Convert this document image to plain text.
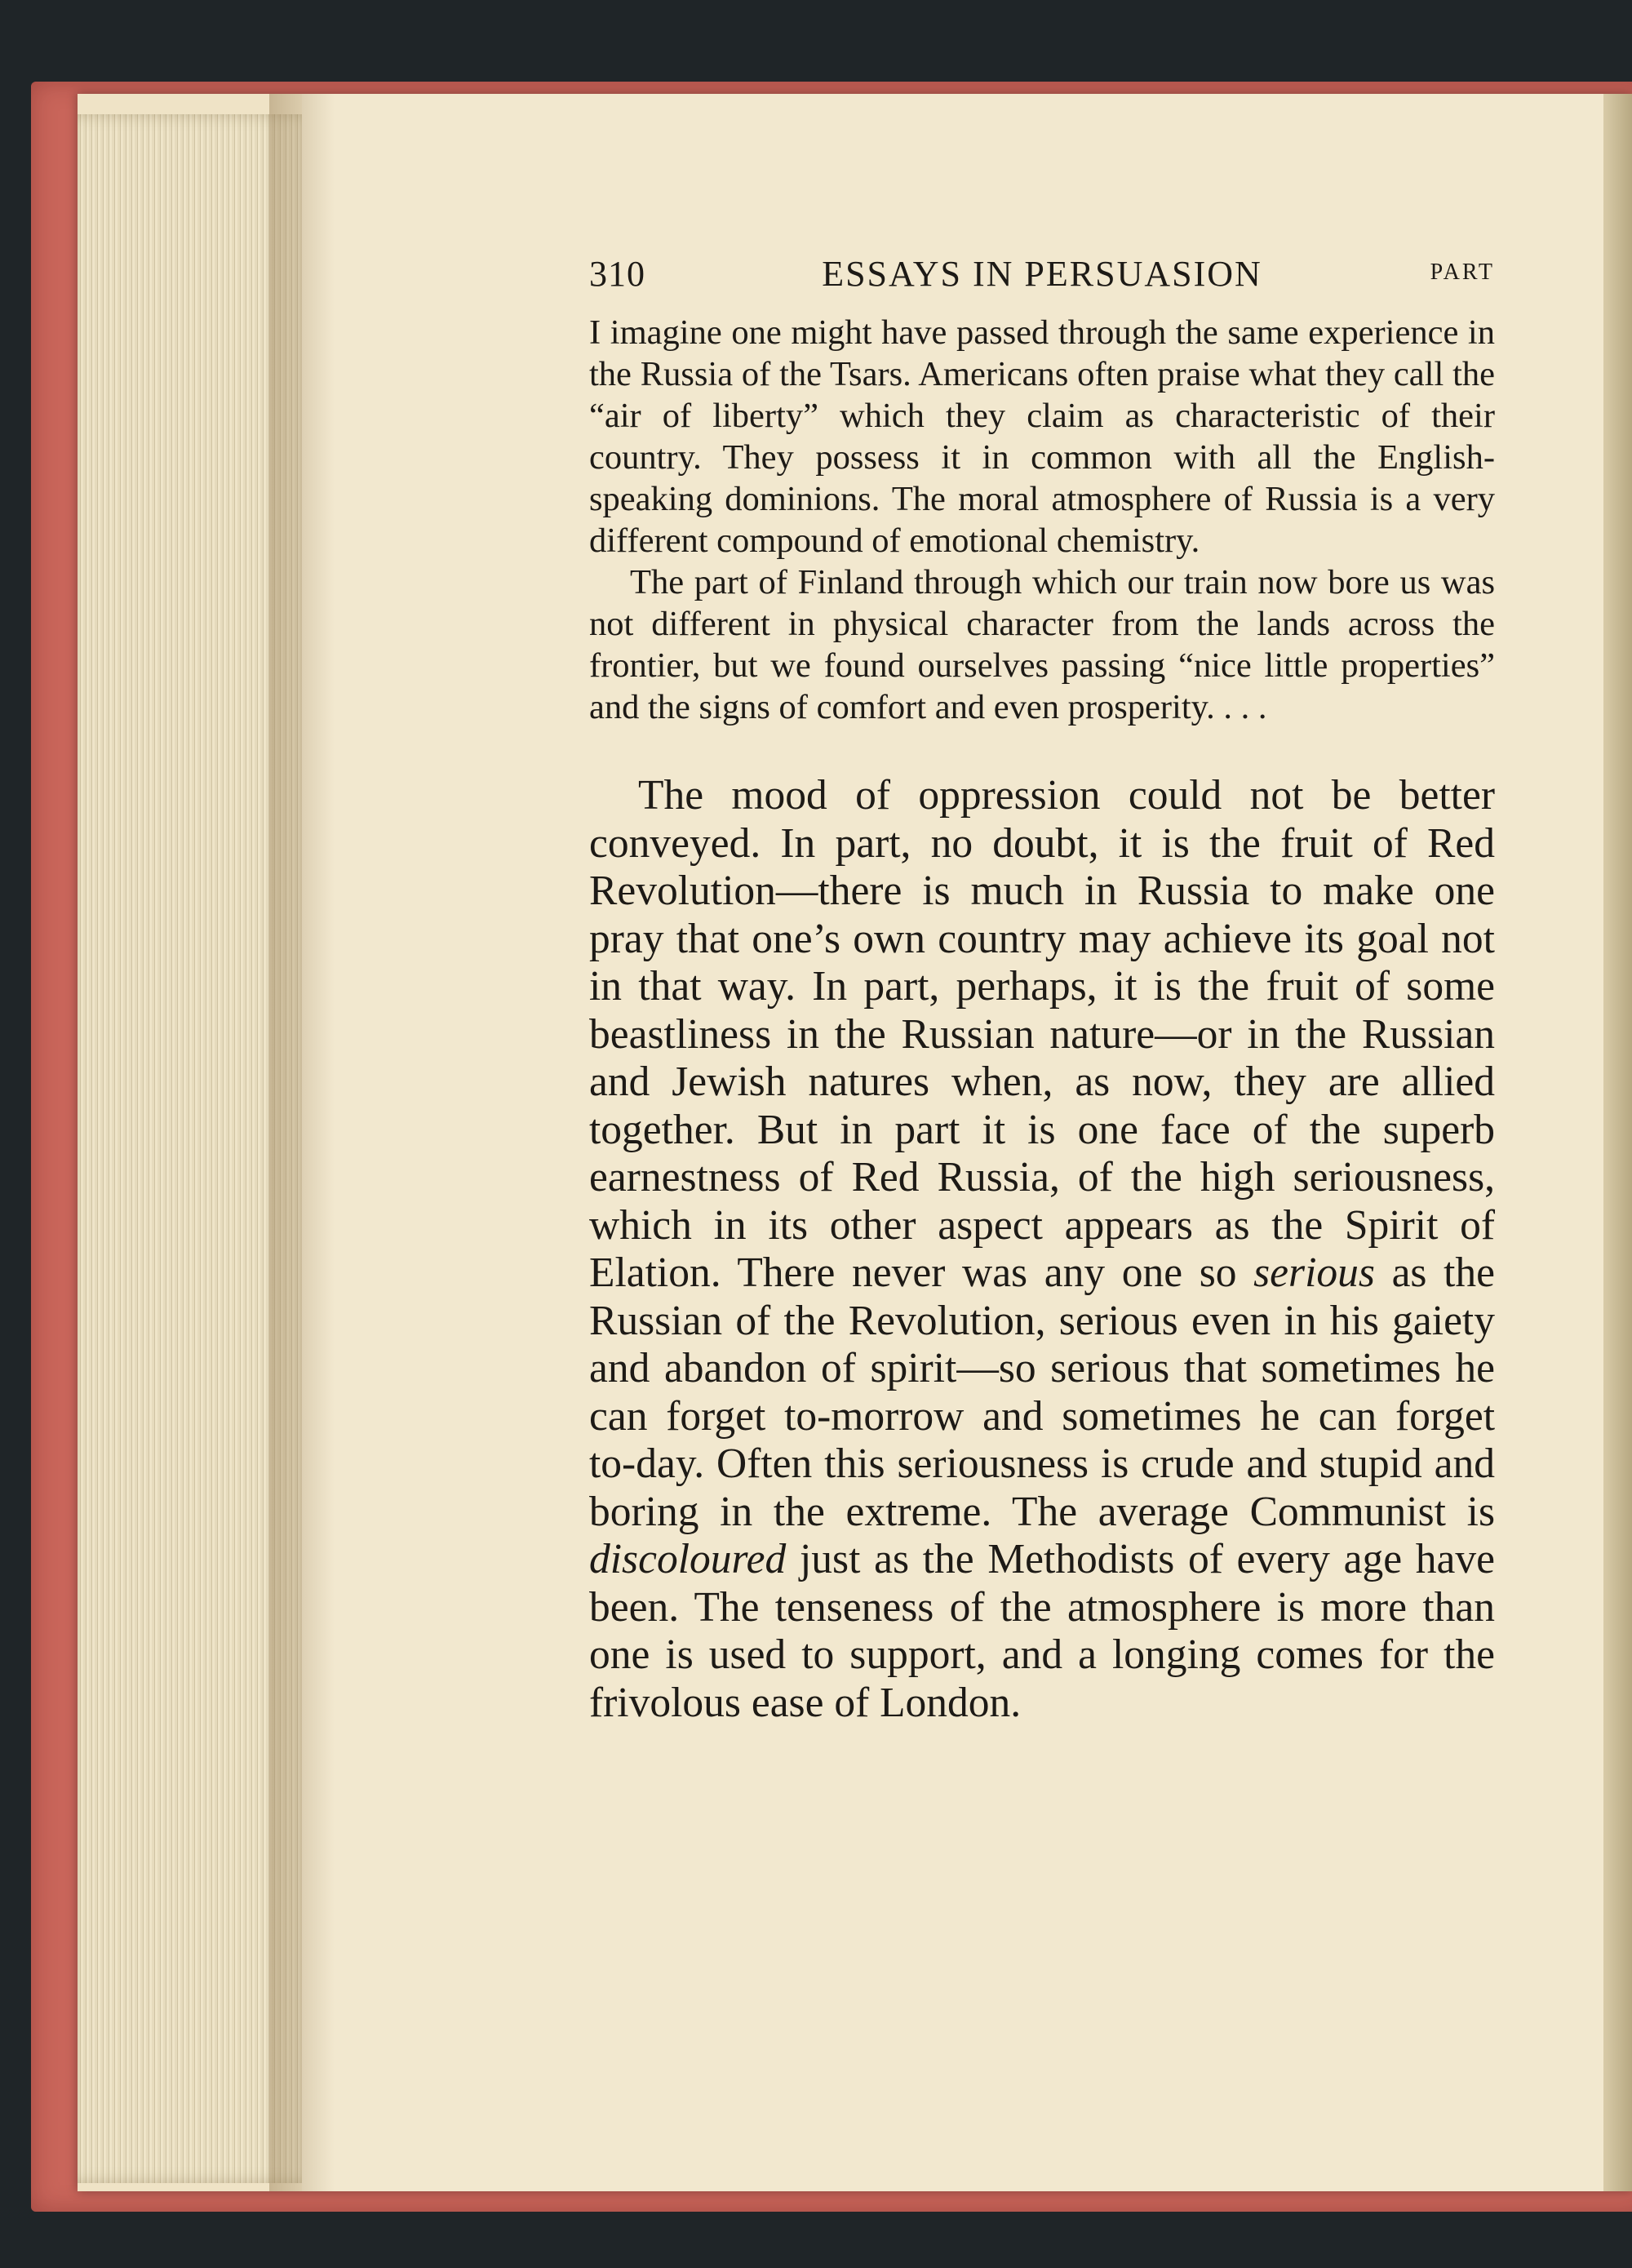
310	ESSAYS IN PERSUASION	PART

I imagine one might have passed through the same experience in the Russia of the Tsars. Americans often praise what they call the “air of liberty” which they claim as characteristic of their country. They possess it in common with all the English-speaking dominions. The moral atmosphere of Russia is a very different compound of emotional chemistry.

The part of Finland through which our train now bore us was not different in physical character from the lands across the frontier, but we found ourselves passing “nice little properties” and the signs of comfort and even prosperity. . . .

The mood of oppression could not be better conveyed. In part, no doubt, it is the fruit of Red Revolution—there is much in Russia to make one pray that one’s own country may achieve its goal not in that way. In part, perhaps, it is the fruit of some beastliness in the Russian nature—or in the Russian and Jewish natures when, as now, they are allied together. But in part it is one face of the superb earnestness of Red Russia, of the high seriousness, which in its other aspect appears as the Spirit of Elation. There never was any one so serious as the Russian of the Revolution, serious even in his gaiety and abandon of spirit—so serious that sometimes he can forget to-morrow and sometimes he can forget to-day. Often this seriousness is crude and stupid and boring in the extreme. The average Communist is discoloured just as the Methodists of every age have been. The tenseness of the atmosphere is more than one is used to support, and a longing comes for the frivolous ease of London.
